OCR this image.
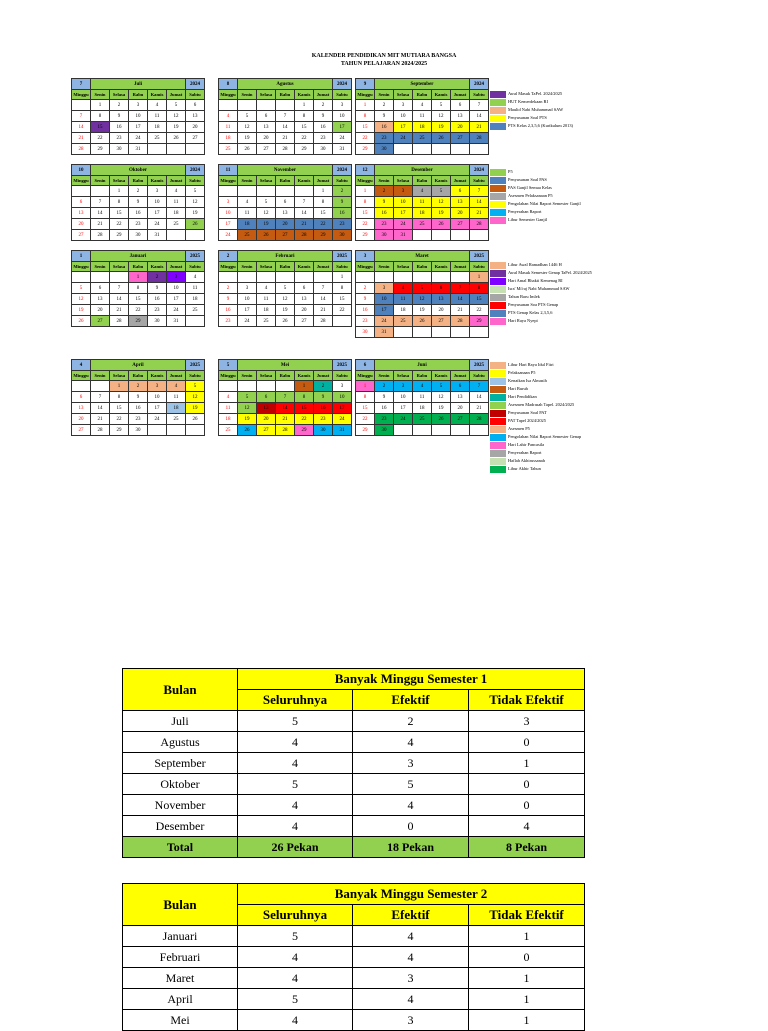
KALENDER PENDIDIKAN MIT MUTIARA BANGSA
TAHUN PELAJARAN 2024/2025
7	Juli					2024
Minggu	Senin	Selasa	Rabu	Kamis	Jumat	Sabtu
	1	2	3	4	5	6
7	8	9	10	11	12	13
14	15	16	17	18	19	20
21	22	23	24	25	26	27
28	29	30	31			
8	Agustus					2024
Minggu	Senin	Selasa	Rabu	Kamis	Jumat	Sabtu
				1	2	3
4	5	6	7	8	9	10
11	12	13	14	15	16	17
18	19	20	21	22	23	24
25	26	27	28	29	30	31
9	September					2024
Minggu	Senin	Selasa	Rabu	Kamis	Jumat	Sabtu
1	2	3	4	5	6	7
8	9	10	11	12	13	14
15	16	17	18	19	20	21
22	23	24	25	26	27	28
29	30					
10	Oktober					2024
Minggu	Senin	Selasa	Rabu	Kamis	Jumat	Sabtu
		1	2	3	4	5
6	7	8	9	10	11	12
13	14	15	16	17	18	19
20	21	22	23	24	25	26
27	28	29	30	31		
11	November					2024
Minggu	Senin	Selasa	Rabu	Kamis	Jumat	Sabtu
					1	2
3	4	5	6	7	8	9
10	11	12	13	14	15	16
17	18	19	20	21	22	23
24	25	26	27	28	29	30
12	Desember					2024
Minggu	Senin	Selasa	Rabu	Kamis	Jumat	Sabtu
1	2	3	4	5	6	7
8	9	10	11	12	13	14
15	16	17	18	19	20	21
22	23	24	25	26	27	28
29	30	31				
1	Januari					2025
Minggu	Senin	Selasa	Rabu	Kamis	Jumat	Sabtu
			1	2	3	4
5	6	7	8	9	10	11
12	13	14	15	16	17	18
19	20	21	22	23	24	25
26	27	28	29	30	31	
2	Februari					2025
Minggu	Senin	Selasa	Rabu	Kamis	Jumat	Sabtu
						1
2	3	4	5	6	7	8
9	10	11	12	13	14	15
16	17	18	19	20	21	22
23	24	25	26	27	28	
3	Maret					2025
Minggu	Senin	Selasa	Rabu	Kamis	Jumat	Sabtu
						1
2	3	4	5	6	7	8
9	10	11	12	13	14	15
16	17	18	19	20	21	22
23	24	25	26	27	28	29
30	31					
4	April					2025
Minggu	Senin	Selasa	Rabu	Kamis	Jumat	Sabtu
		1	2	3	4	5
6	7	8	9	10	11	12
13	14	15	16	17	18	19
20	21	22	23	24	25	26
27	28	29	30			
5	Mei					2025
Minggu	Senin	Selasa	Rabu	Kamis	Jumat	Sabtu
				1	2	3
4	5	6	7	8	9	10
11	12	13	14	15	16	17
18	19	20	21	22	23	24
25	26	27	28	29	30	31
6	Juni					2025
Minggu	Senin	Selasa	Rabu	Kamis	Jumat	Sabtu
1	2	3	4	5	6	7
8	9	10	11	12	13	14
15	16	17	18	19	20	21
22	23	24	25	26	27	28
29	30					
Awal Masuk TaPel. 2024/2025
HUT Kemerdekaan RI
Maulid Nabi Muhammad SAW
Penyusunan Soal PTS
PTS Kelas 2,3,5,6 (Kurikulum 2013)
P5
Penyusunan Soal PAS
PAS Ganjil Semua Kelas
Asesmen Pelaksanaan P5
Pengolahan Nilai Raport Semester Ganjil
Penyerahan Raport
Libur Semester Ganjil
Libur Awal Ramadhan 1446 H
Awal Masuk Semester Genap TaPel. 2024/2025
Hari Amal Bhakti Kemenag RI
Isra' Mi'raj Nabi Muhammad SAW
Tahun Baru Imlek
Penyusunan Soa PTS Genap
PTS Genap Kelas 2,3,5,6
Hari Raya Nyepi
Libur Hari Raya Idul Fitri
Pelaksanaan P5
Kenaikan Isa Almasih
Hari Buruh
Hari Pendidikan
Asesmen Madrasah Tapel. 2024/2025
Penyusunan Soal PAT
PAT Tapel 2024/2025
Asesmen P5
Pengolahan Nilai Raport Semester Genap
Hari Lahir Pancasila
Penyerahan Raport
Haflah Akhirussanah
Libur Akhir Tahun
Bulan	Banyak Minggu Semester 1		
	Seluruhnya	Efektif	Tidak Efektif
Juli	5	2	3
Agustus	4	4	0
September	4	3	1
Oktober	5	5	0
November	4	4	0
Desember	4	0	4
Total	26 Pekan	18 Pekan	8 Pekan
Bulan	Banyak Minggu Semester 2		
	Seluruhnya	Efektif	Tidak Efektif
Januari	5	4	1
Februari	4	4	0
Maret	4	3	1
April	5	4	1
Mei	4	3	1
